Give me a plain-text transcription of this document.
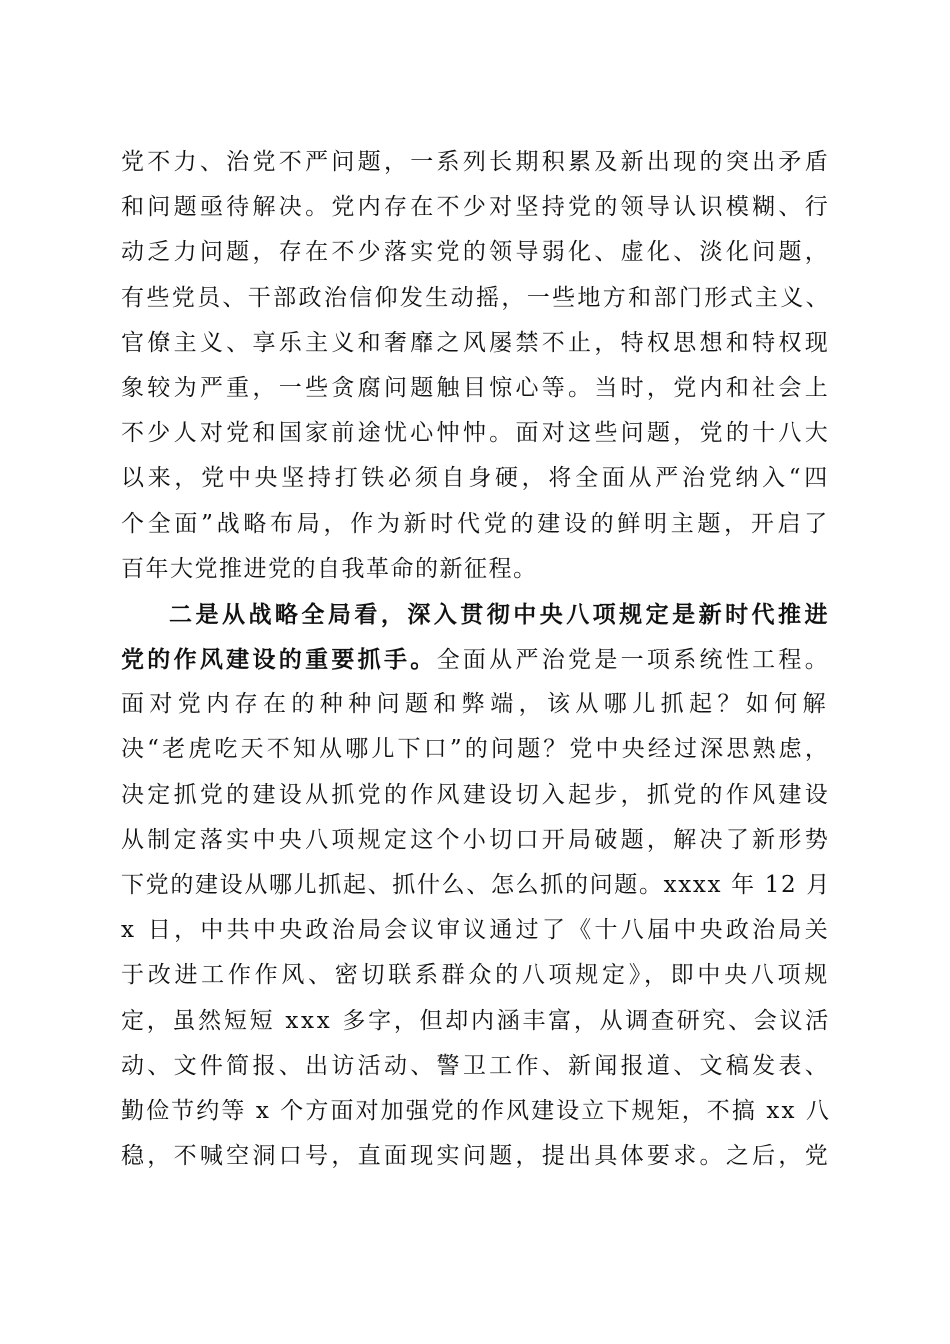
党不力、治党不严问题，一系列长期积累及新出现的突出矛盾
和问题亟待解决。党内存在不少对坚持党的领导认识模糊、行
动乏力问题，存在不少落实党的领导弱化、虚化、淡化问题，
有些党员、干部政治信仰发生动摇，一些地方和部门形式主义、
官僚主义、享乐主义和奢靡之风屡禁不止，特权思想和特权现
象较为严重，一些贪腐问题触目惊心等。当时，党内和社会上
不少人对党和国家前途忧心忡忡。面对这些问题，党的十八大
以来，党中央坚持打铁必须自身硬，将全面从严治党纳入“四
个全面”战略布局，作为新时代党的建设的鲜明主题，开启了
百年大党推进党的自我革命的新征程。
二是从战略全局看，深入贯彻中央八项规定是新时代推进
党的作风建设的重要抓手。全面从严治党是一项系统性工程。
面对党内存在的种种问题和弊端，该从哪儿抓起？如何解
决“老虎吃天不知从哪儿下口”的问题？党中央经过深思熟虑，
决定抓党的建设从抓党的作风建设切入起步，抓党的作风建设
从制定落实中央八项规定这个小切口开局破题，解决了新形势
下党的建设从哪儿抓起、抓什么、怎么抓的问题。xxxx 年 12 月
x 日，中共中央政治局会议审议通过了《十八届中央政治局关
于改进工作作风、密切联系群众的八项规定》，即中央八项规
定，虽然短短 xxx 多字，但却内涵丰富，从调查研究、会议活
动、文件简报、出访活动、警卫工作、新闻报道、文稿发表、
勤俭节约等 x 个方面对加强党的作风建设立下规矩，不搞 xx 八
稳，不喊空洞口号，直面现实问题，提出具体要求。之后，党
